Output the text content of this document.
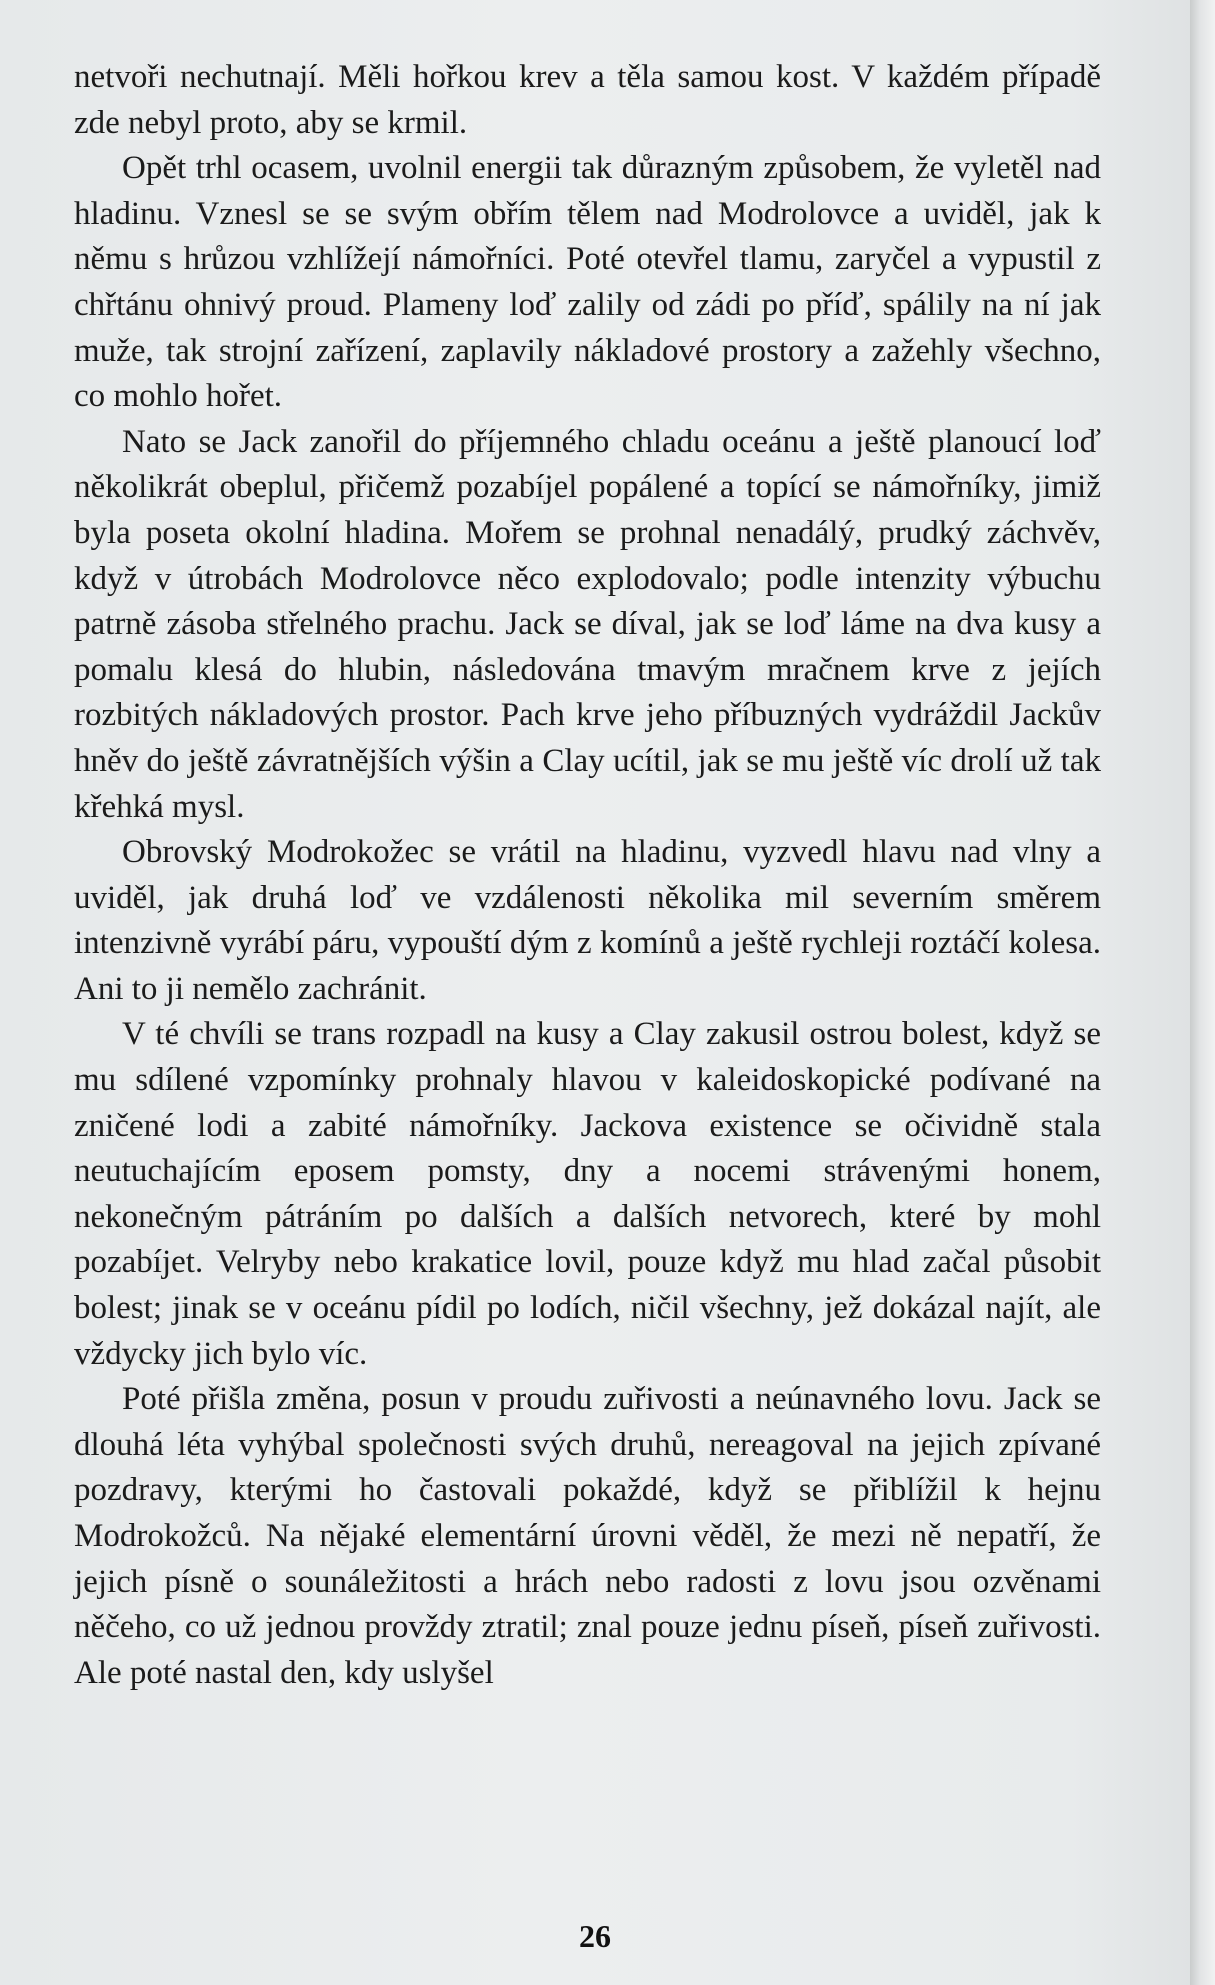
netvoři nechutnají. Měli hořkou krev a těla samou kost. V každém případě zde nebyl proto, aby se krmil.

Opět trhl ocasem, uvolnil energii tak důrazným způsobem, že vyletěl nad hladinu. Vznesl se se svým obřím tělem nad Modrolovce a uviděl, jak k němu s hrůzou vzhlížejí námořníci. Poté otevřel tlamu, zaryčel a vypustil z chřtánu ohnivý proud. Plameny loď zalily od zádi po příď, spálily na ní jak muže, tak strojní zařízení, zaplavily nákladové prostory a zažehly všechno, co mohlo hořet.

Nato se Jack zanořil do příjemného chladu oceánu a ještě planoucí loď několikrát obeplul, přičemž pozabíjel popálené a topící se námořníky, jimiž byla poseta okolní hladina. Mořem se prohnal nenadálý, prudký záchvěv, když v útrobách Modrolovce něco explodovalo; podle intenzity výbuchu patrně zásoba střelného prachu. Jack se díval, jak se loď láme na dva kusy a pomalu klesá do hlubin, následována tmavým mračnem krve z jejích rozbitých nákladových prostor. Pach krve jeho příbuzných vydráždil Jackův hněv do ještě závratnějších výšin a Clay ucítil, jak se mu ještě víc drolí už tak křehká mysl.

Obrovský Modrokožec se vrátil na hladinu, vyzvedl hlavu nad vlny a uviděl, jak druhá loď ve vzdálenosti několika mil severním směrem intenzivně vyrábí páru, vypouští dým z komínů a ještě rychleji roztáčí kolesa. Ani to ji nemělo zachránit.

V té chvíli se trans rozpadl na kusy a Clay zakusil ostrou bolest, když se mu sdílené vzpomínky prohnaly hlavou v kaleidoskopické podívané na zničené lodi a zabité námořníky. Jackova existence se očividně stala neutuchajícím eposem pomsty, dny a nocemi strávenými honem, nekonečným pátráním po dalších a dalších netvorech, které by mohl pozabíjet. Velryby nebo krakatice lovil, pouze když mu hlad začal působit bolest; jinak se v oceánu pídil po lodích, ničil všechny, jež dokázal najít, ale vždycky jich bylo víc.

Poté přišla změna, posun v proudu zuřivosti a neúnavného lovu. Jack se dlouhá léta vyhýbal společnosti svých druhů, nereagoval na jejich zpívané pozdravy, kterými ho častovali pokaždé, když se přiblížil k hejnu Modrokožců. Na nějaké elementární úrovni věděl, že mezi ně nepatří, že jejich písně o sounáležitosti a hrách nebo radosti z lovu jsou ozvěnami něčeho, co už jednou provždy ztratil; znal pouze jednu píseň, píseň zuřivosti. Ale poté nastal den, kdy uslyšel

26
